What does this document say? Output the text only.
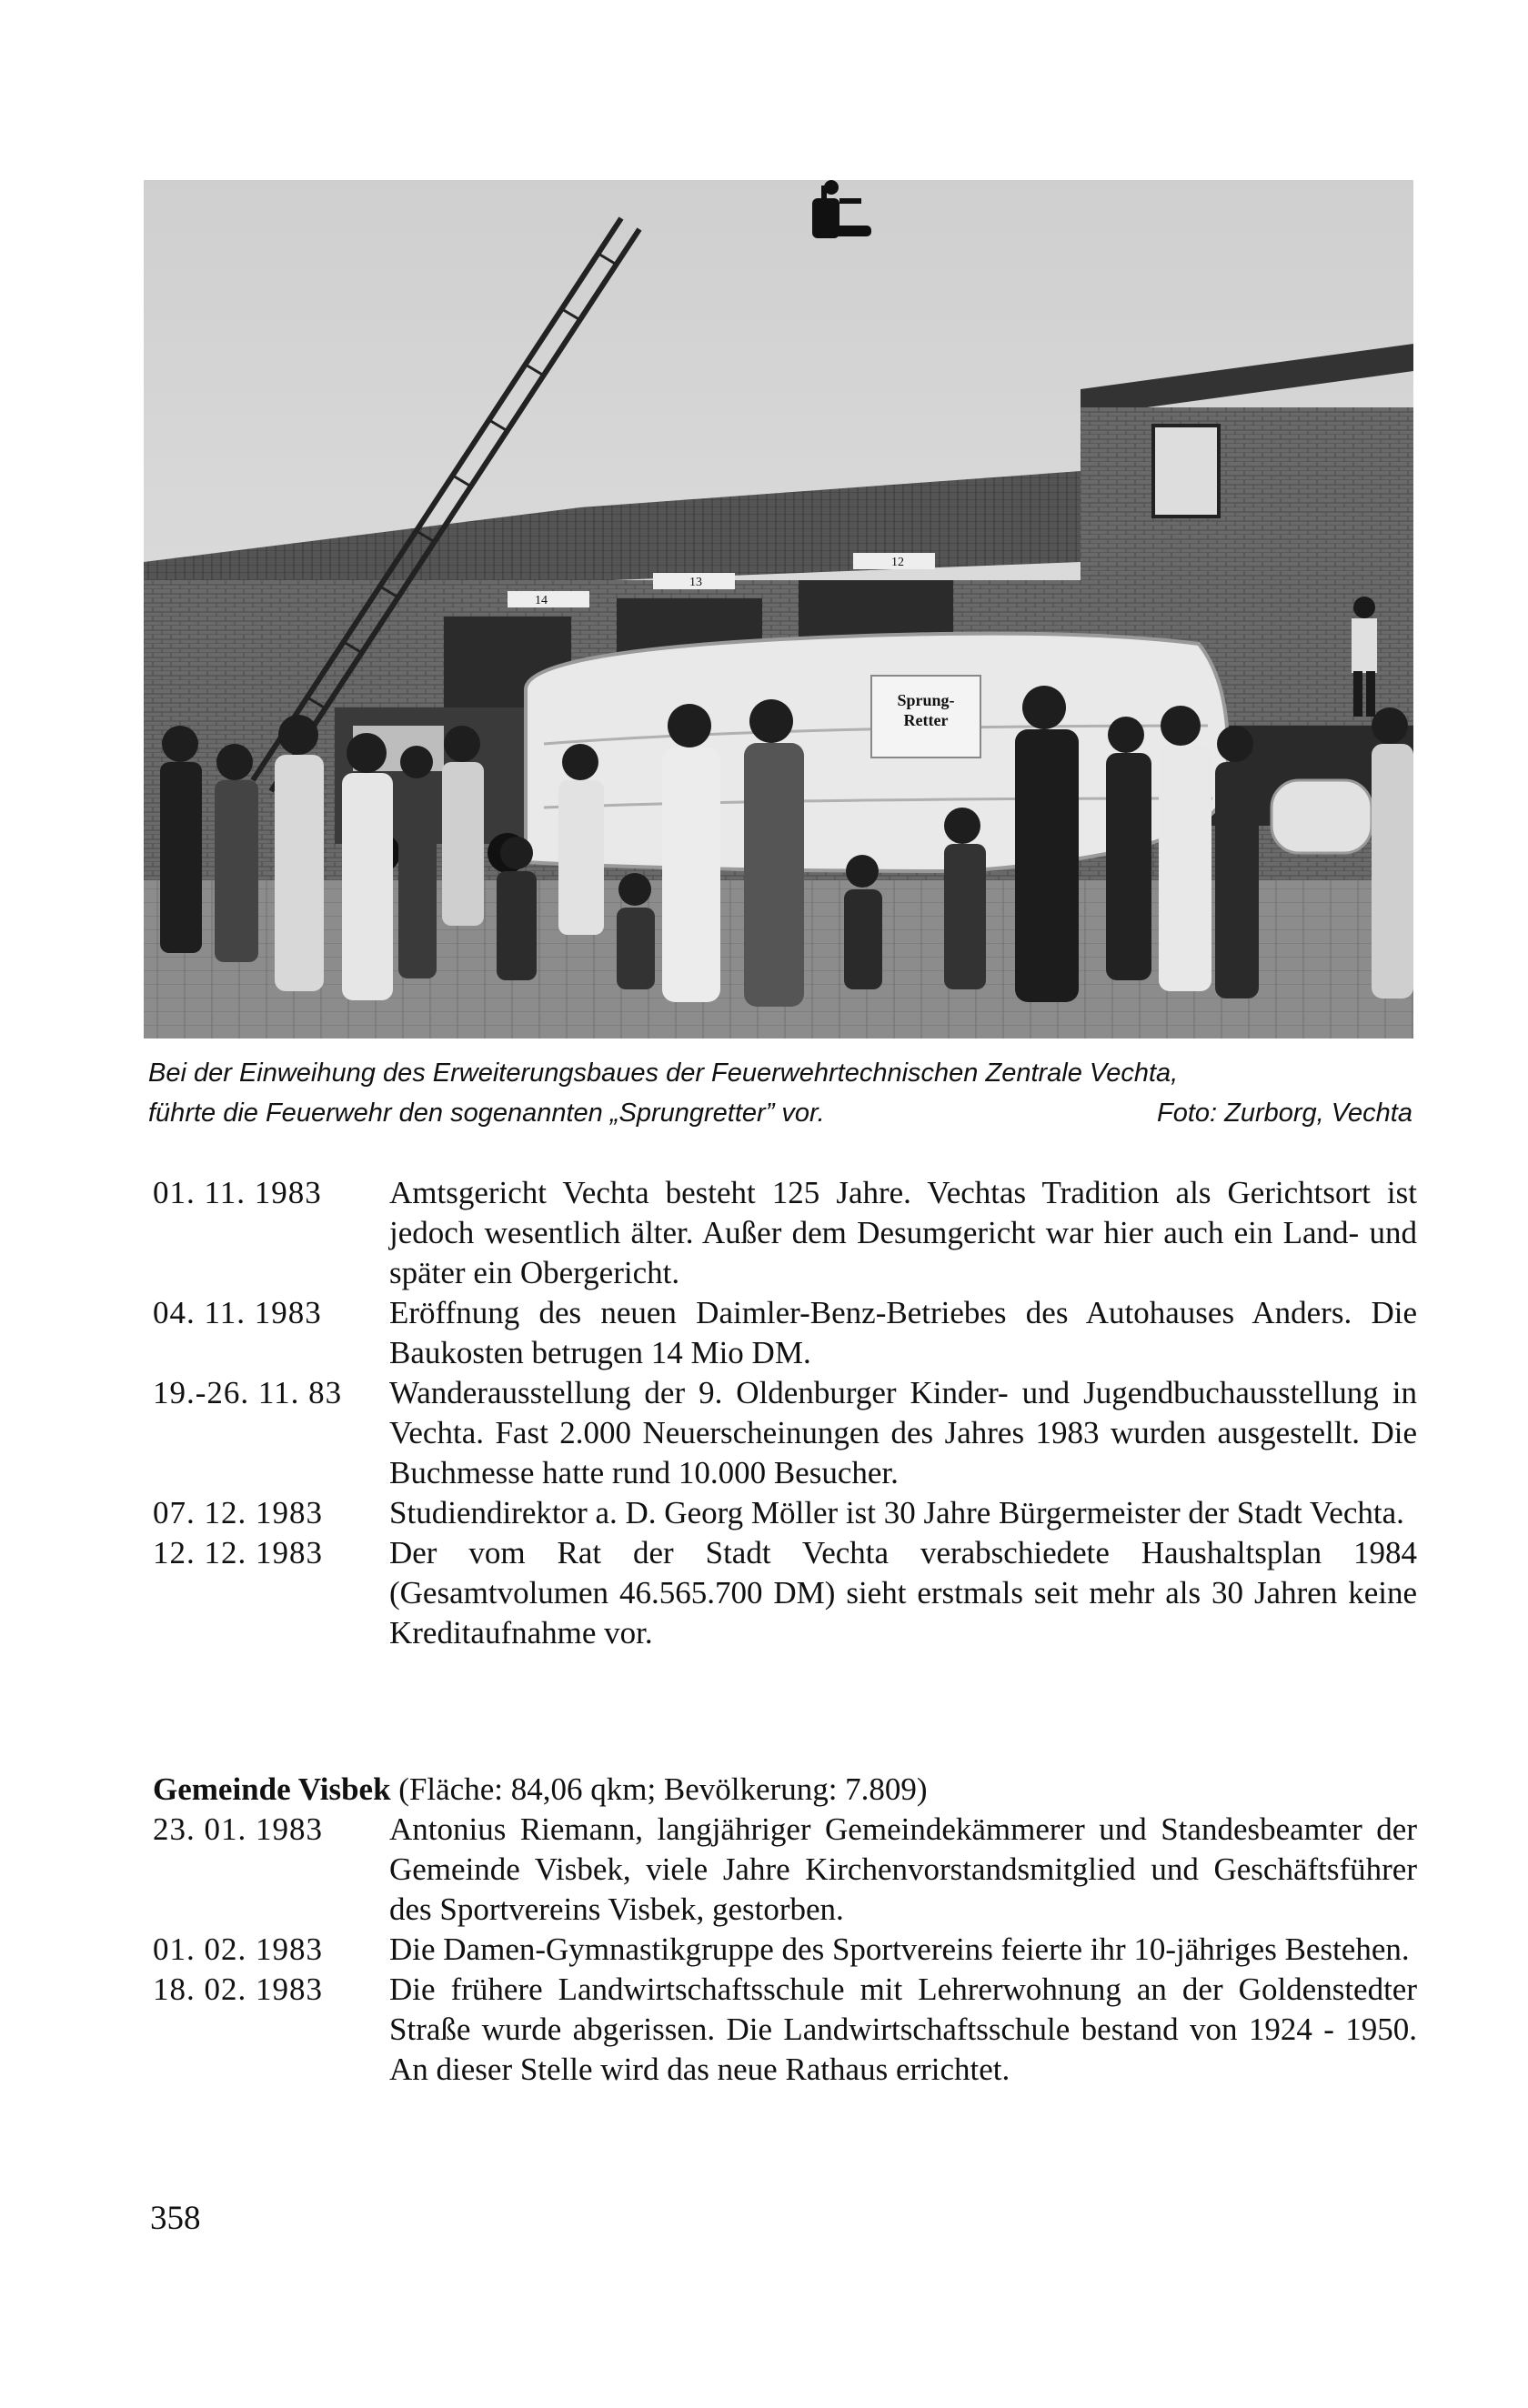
14
13
12
Sprung-
Retter
Bei der Einweihung des Erweiterungsbaues der Feuerwehrtechnischen Zentrale Vechta,
führte die Feuerwehr den sogenannten „Sprungretter” vor.	Foto: Zurborg, Vechta
01. 11. 1983	Amtsgericht Vechta besteht 125 Jahre. Vechtas Tradition als Gerichtsort ist jedoch wesentlich älter. Außer dem Desumgericht war hier auch ein Land- und später ein Obergericht.
04. 11. 1983	Eröffnung des neuen Daimler-Benz-Betriebes des Autohauses Anders. Die Baukosten betrugen 14 Mio DM.
19.-26. 11. 83	Wanderausstellung der 9. Oldenburger Kinder- und Jugendbuchausstellung in Vechta. Fast 2.000 Neuerscheinungen des Jahres 1983 wurden ausgestellt. Die Buchmesse hatte rund 10.000 Besucher.
07. 12. 1983	Studiendirektor a. D. Georg Möller ist 30 Jahre Bürgermeister der Stadt Vechta.
12. 12. 1983	Der vom Rat der Stadt Vechta verabschiedete Haushaltsplan 1984 (Gesamtvolumen 46.565.700 DM) sieht erstmals seit mehr als 30 Jahren keine Kreditaufnahme vor.
Gemeinde Visbek (Fläche: 84,06 qkm; Bevölkerung: 7.809)
23. 01. 1983	Antonius Riemann, langjähriger Gemeindekämmerer und Standesbeamter der Gemeinde Visbek, viele Jahre Kirchenvorstandsmitglied und Geschäftsführer des Sportvereins Visbek, gestorben.
01. 02. 1983	Die Damen-Gymnastikgruppe des Sportvereins feierte ihr 10-jähriges Bestehen.
18. 02. 1983	Die frühere Landwirtschaftsschule mit Lehrerwohnung an der Goldenstedter Straße wurde abgerissen. Die Landwirtschaftsschule bestand von 1924 - 1950. An dieser Stelle wird das neue Rathaus errichtet.
358
